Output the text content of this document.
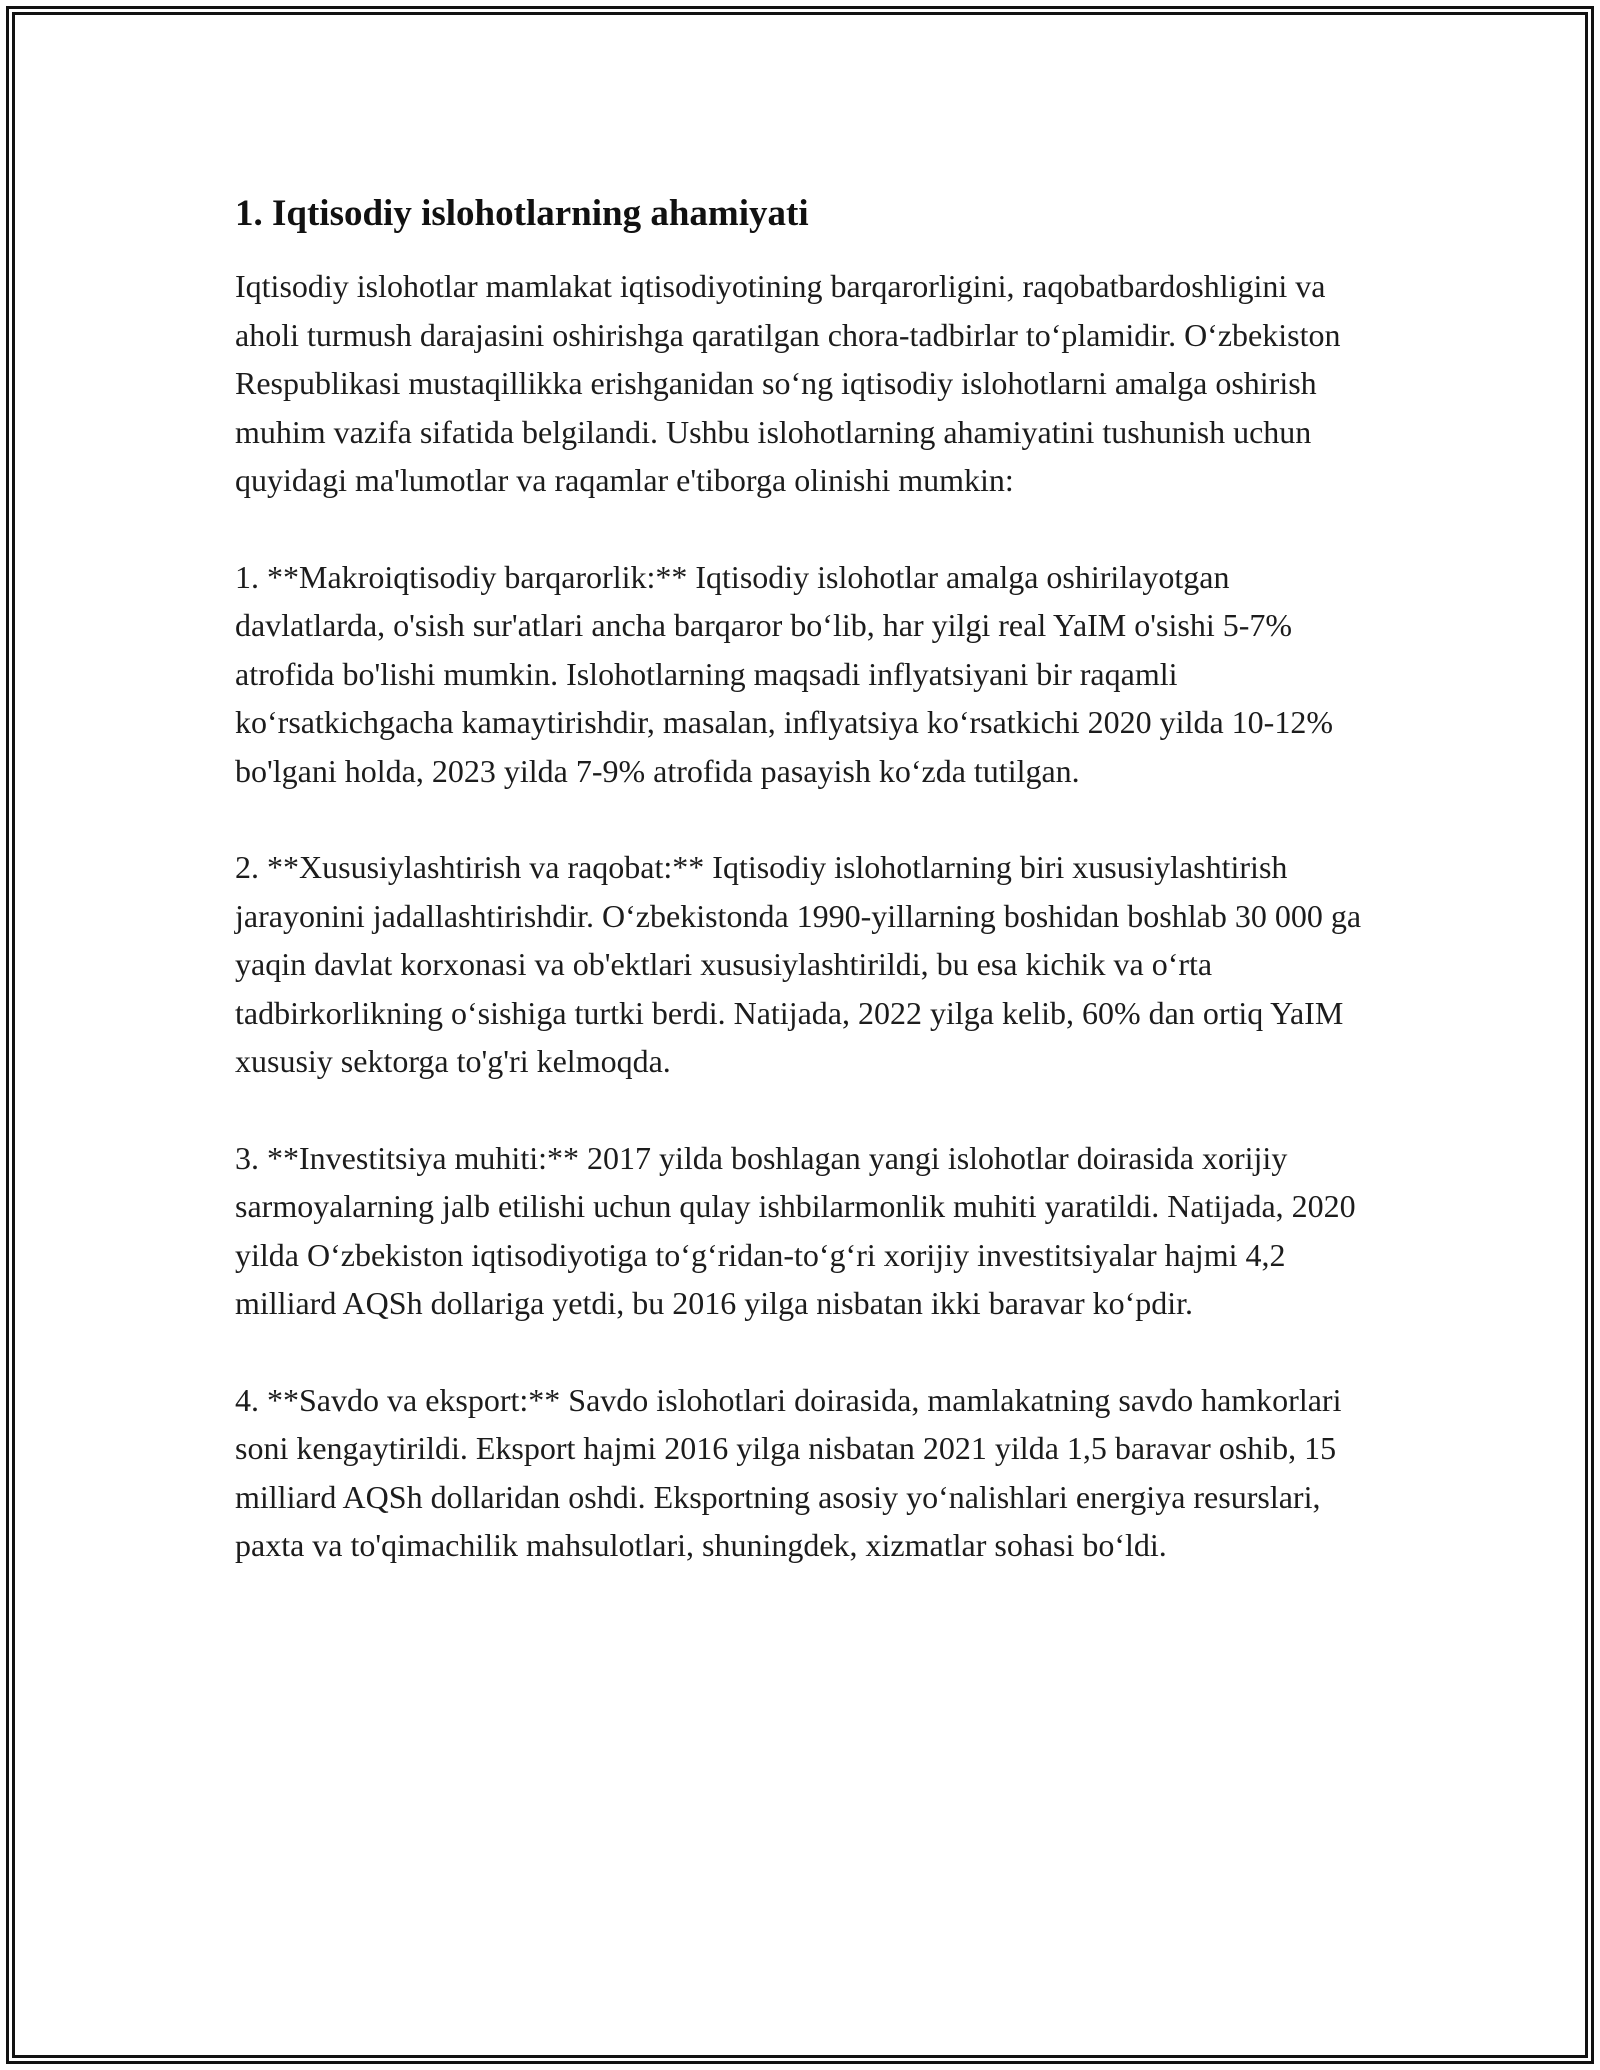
1. Iqtisodiy islohotlarning ahamiyati

Iqtisodiy islohotlar mamlakat iqtisodiyotining barqarorligini, raqobatbardoshligini va aholi turmush darajasini oshirishga qaratilgan chora-tadbirlar to‘plamidir. O‘zbekiston Respublikasi mustaqillikka erishganidan so‘ng iqtisodiy islohotlarni amalga oshirish muhim vazifa sifatida belgilandi. Ushbu islohotlarning ahamiyatini tushunish uchun quyidagi ma'lumotlar va raqamlar e'tiborga olinishi mumkin:

1. **Makroiqtisodiy barqarorlik:** Iqtisodiy islohotlar amalga oshirilayotgan davlatlarda, o'sish sur'atlari ancha barqaror bo‘lib, har yilgi real YaIM o'sishi 5-7% atrofida bo'lishi mumkin. Islohotlarning maqsadi inflyatsiyani bir raqamli ko‘rsatkichgacha kamaytirishdir, masalan, inflyatsiya ko‘rsatkichi 2020 yilda 10-12% bo'lgani holda, 2023 yilda 7-9% atrofida pasayish ko‘zda tutilgan.

2. **Xususiylashtirish va raqobat:** Iqtisodiy islohotlarning biri xususiylashtirish jarayonini jadallashtirishdir. O‘zbekistonda 1990-yillarning boshidan boshlab 30 000 ga yaqin davlat korxonasi va ob'ektlari xususiylashtirildi, bu esa kichik va o‘rta tadbirkorlikning o‘sishiga turtki berdi. Natijada, 2022 yilga kelib, 60% dan ortiq YaIM xususiy sektorga to'g'ri kelmoqda.

3. **Investitsiya muhiti:** 2017 yilda boshlagan yangi islohotlar doirasida xorijiy sarmoyalarning jalb etilishi uchun qulay ishbilarmonlik muhiti yaratildi. Natijada, 2020 yilda O‘zbekiston iqtisodiyotiga to‘g‘ridan-to‘g‘ri xorijiy investitsiyalar hajmi 4,2 milliard AQSh dollariga yetdi, bu 2016 yilga nisbatan ikki baravar ko‘pdir.

4. **Savdo va eksport:** Savdo islohotlari doirasida, mamlakatning savdo hamkorlari soni kengaytirildi. Eksport hajmi 2016 yilga nisbatan 2021 yilda 1,5 baravar oshib, 15 milliard AQSh dollaridan oshdi. Eksportning asosiy yo‘nalishlari energiya resurslari, paxta va to'qimachilik mahsulotlari, shuningdek, xizmatlar sohasi bo‘ldi.
